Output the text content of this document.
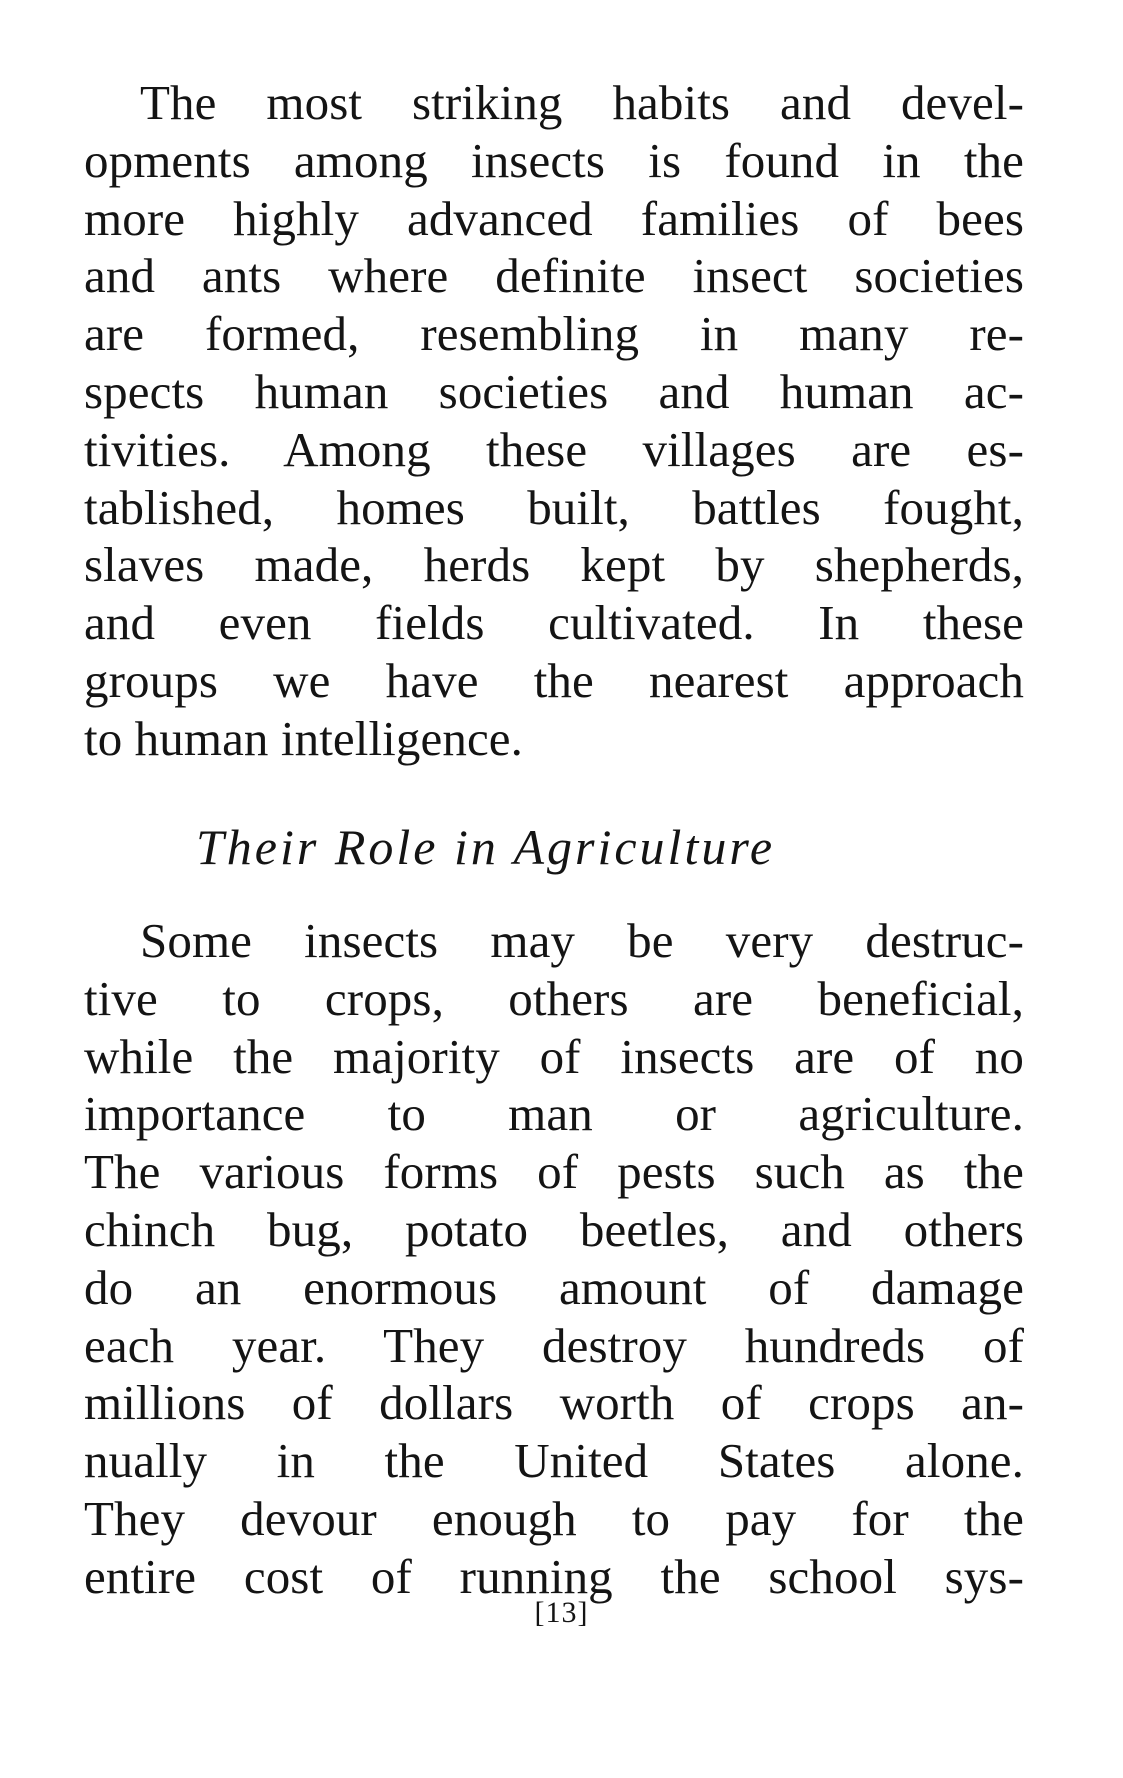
The most striking habits and devel-
opments among insects is found in the
more highly advanced families of bees
and ants where definite insect societies
are formed, resembling in many re-
spects human societies and human ac-
tivities. Among these villages are es-
tablished, homes built, battles fought,
slaves made, herds kept by shepherds,
and even fields cultivated. In these
groups we have the nearest approach
to human intelligence.

Their Role in Agriculture

Some insects may be very destruc-
tive to crops, others are beneficial,
while the majority of insects are of no
importance to man or agriculture.
The various forms of pests such as the
chinch bug, potato beetles, and others
do an enormous amount of damage
each year. They destroy hundreds of
millions of dollars worth of crops an-
nually in the United States alone.
They devour enough to pay for the
entire cost of running the school sys-

[13]
